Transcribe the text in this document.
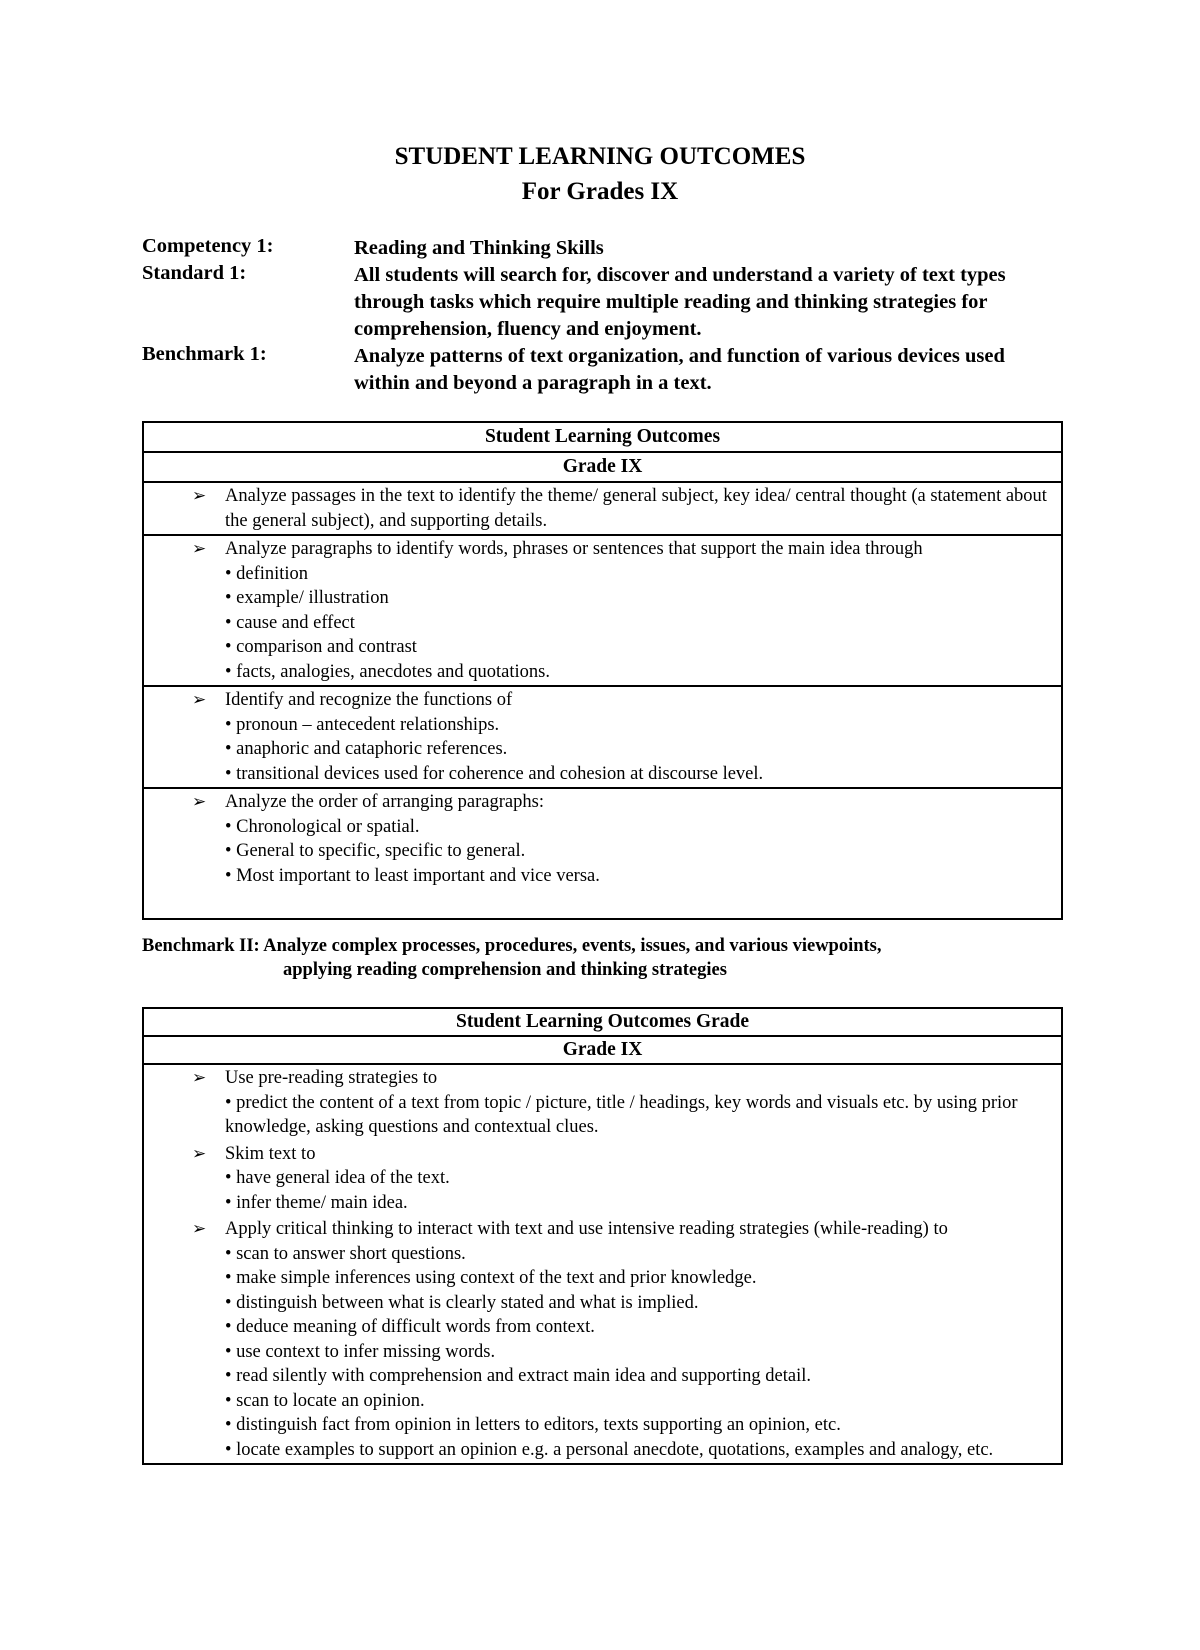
STUDENT LEARNING OUTCOMES
For Grades IX
Competency 1:	Reading and Thinking Skills
Standard 1:	All students will search for, discover and understand a variety of text types through tasks which require multiple reading and thinking strategies for comprehension, fluency and enjoyment.
Benchmark 1:	Analyze patterns of text organization, and function of various devices used within and beyond a paragraph in a text.
Student Learning Outcomes
Grade IX

➢ Analyze passages in the text to identify the theme/ general subject, key idea/ central thought (a statement about the general subject), and supporting details.

➢ Analyze paragraphs to identify words, phrases or sentences that support the main idea through
• definition
• example/ illustration
• cause and effect
• comparison and contrast
• facts, analogies, anecdotes and quotations.

➢ Identify and recognize the functions of
• pronoun – antecedent relationships.
• anaphoric and cataphoric references.
• transitional devices used for coherence and cohesion at discourse level.

➢ Analyze the order of arranging paragraphs:
• Chronological or spatial.
• General to specific, specific to general.
• Most important to least important and vice versa.
Benchmark II: Analyze complex processes, procedures, events, issues, and various viewpoints,
applying reading comprehension and thinking strategies
Student Learning Outcomes Grade
Grade IX

➢ Use pre-reading strategies to
• predict the content of a text from topic / picture, title / headings, key words and visuals etc. by using prior knowledge, asking questions and contextual clues.
➢ Skim text to
• have general idea of the text.
• infer theme/ main idea.
➢ Apply critical thinking to interact with text and use intensive reading strategies (while-reading) to
• scan to answer short questions.
• make simple inferences using context of the text and prior knowledge.
• distinguish between what is clearly stated and what is implied.
• deduce meaning of difficult words from context.
• use context to infer missing words.
• read silently with comprehension and extract main idea and supporting detail.
• scan to locate an opinion.
• distinguish fact from opinion in letters to editors, texts supporting an opinion, etc.
• locate examples to support an opinion e.g. a personal anecdote, quotations, examples and analogy, etc.
